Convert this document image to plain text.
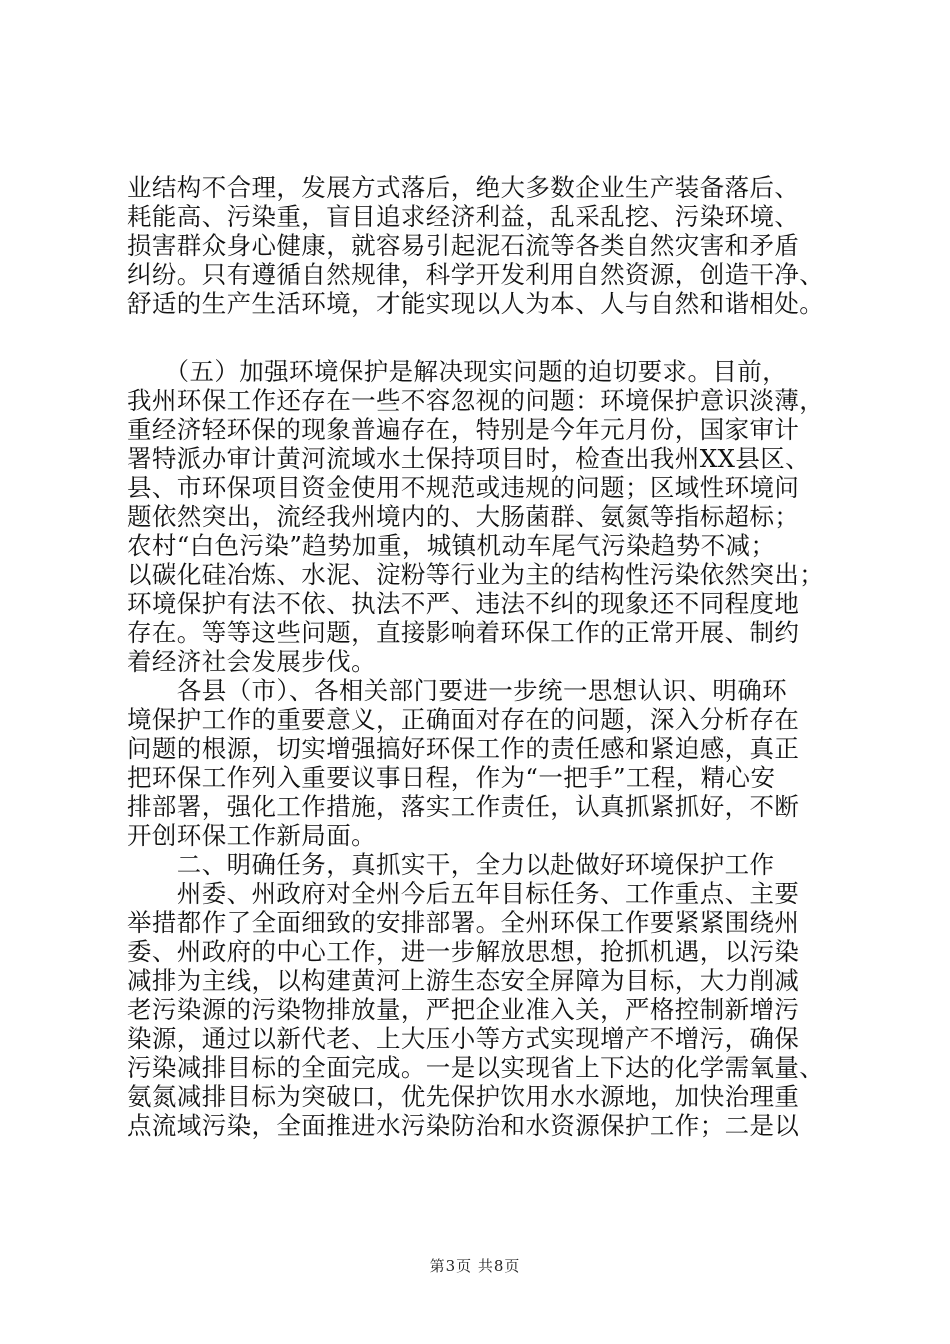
业结构不合理，发展方式落后，绝大多数企业生产装备落后、
耗能高、污染重，盲目追求经济利益，乱采乱挖、污染环境、
损害群众身心健康，就容易引起泥石流等各类自然灾害和矛盾
纠纷。只有遵循自然规律，科学开发利用自然资源，创造干净、
舒适的生产生活环境，才能实现以人为本、人与自然和谐相处。
　　（五）加强环境保护是解决现实问题的迫切要求。目前，
我州环保工作还存在一些不容忽视的问题：环境保护意识淡薄，
重经济轻环保的现象普遍存在，特别是今年元月份，国家审计
署特派办审计黄河流域水土保持项目时，检查出我州XX县区、
县、市环保项目资金使用不规范或违规的问题；区域性环境问
题依然突出，流经我州境内的、大肠菌群、氨氮等指标超标；
农村“白色污染”趋势加重，城镇机动车尾气污染趋势不减；
以碳化硅冶炼、水泥、淀粉等行业为主的结构性污染依然突出；
环境保护有法不依、执法不严、违法不纠的现象还不同程度地
存在。等等这些问题，直接影响着环保工作的正常开展、制约
着经济社会发展步伐。
　　各县（市）、各相关部门要进一步统一思想认识、明确环
境保护工作的重要意义，正确面对存在的问题，深入分析存在
问题的根源，切实增强搞好环保工作的责任感和紧迫感，真正
把环保工作列入重要议事日程，作为“一把手”工程，精心安
排部署，强化工作措施，落实工作责任，认真抓紧抓好，不断
开创环保工作新局面。
　　二、明确任务，真抓实干，全力以赴做好环境保护工作
　　州委、州政府对全州今后五年目标任务、工作重点、主要
举措都作了全面细致的安排部署。全州环保工作要紧紧围绕州
委、州政府的中心工作，进一步解放思想，抢抓机遇，以污染
减排为主线，以构建黄河上游生态安全屏障为目标，大力削减
老污染源的污染物排放量，严把企业准入关，严格控制新增污
染源，通过以新代老、上大压小等方式实现增产不增污，确保
污染减排目标的全面完成。一是以实现省上下达的化学需氧量、
氨氮减排目标为突破口，优先保护饮用水水源地，加快治理重
点流域污染，全面推进水污染防治和水资源保护工作；二是以
第3页 共8页
